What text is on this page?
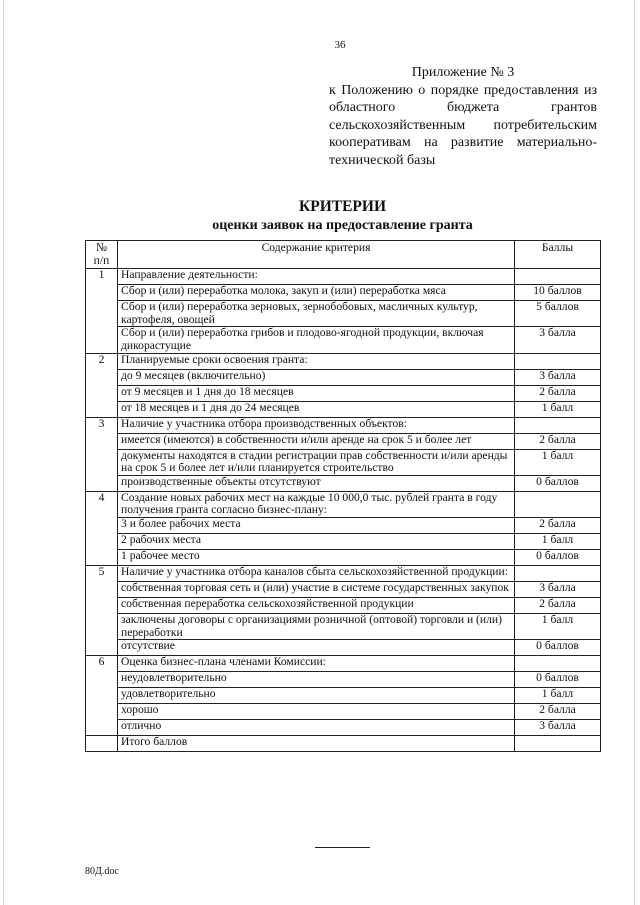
36
Приложение № 3
к Положению о порядке предоставления из областного бюджета грантов сельскохозяйственным потребительским кооперативам на развитие материально-технической базы
КРИТЕРИИ
оценки заявок на предоставление гранта
№
п/п	Содержание критерия	Баллы
1	Направление деятельности:	
	Сбор и (или) переработка молока, закуп и (или) переработка мяса	10 баллов
	Сбор и (или) переработка зерновых, зернобобовых, масличных культур, картофеля, овощей	5 баллов
	Сбор и (или) переработка грибов и плодово-ягодной продукции, включая дикорастущие	3 балла
2	Планируемые сроки освоения гранта:	
	до 9 месяцев (включительно)	3 балла
	от 9 месяцев и 1 дня до 18 месяцев	2 балла
	от 18 месяцев и 1 дня до 24 месяцев	1 балл
3	Наличие у участника отбора производственных объектов:	
	имеется (имеются) в собственности и/или аренде на срок 5 и более лет	2 балла
	документы находятся в стадии регистрации прав собственности и/или аренды на срок 5 и более лет и/или планируется строительство	1 балл
	производственные объекты отсутствуют	0 баллов
4	Создание новых рабочих мест на каждые 10 000,0 тыс. рублей гранта в году получения гранта согласно бизнес-плану:	
	3 и более рабочих места	2 балла
	2 рабочих места	1 балл
	1 рабочее место	0 баллов
5	Наличие у участника отбора каналов сбыта сельскохозяйственной продукции:	
	собственная торговая сеть и (или) участие в системе государственных закупок	3 балла
	собственная переработка сельскохозяйственной продукции	2 балла
	заключены договоры с организациями розничной (оптовой) торговли и (или) переработки	1 балл
	отсутствие	0 баллов
6	Оценка бизнес-плана членами Комиссии:	
	неудовлетворительно	0 баллов
	удовлетворительно	1 балл
	хорошо	2 балла
	отлично	3 балла
	Итого баллов	
80Д.doc
